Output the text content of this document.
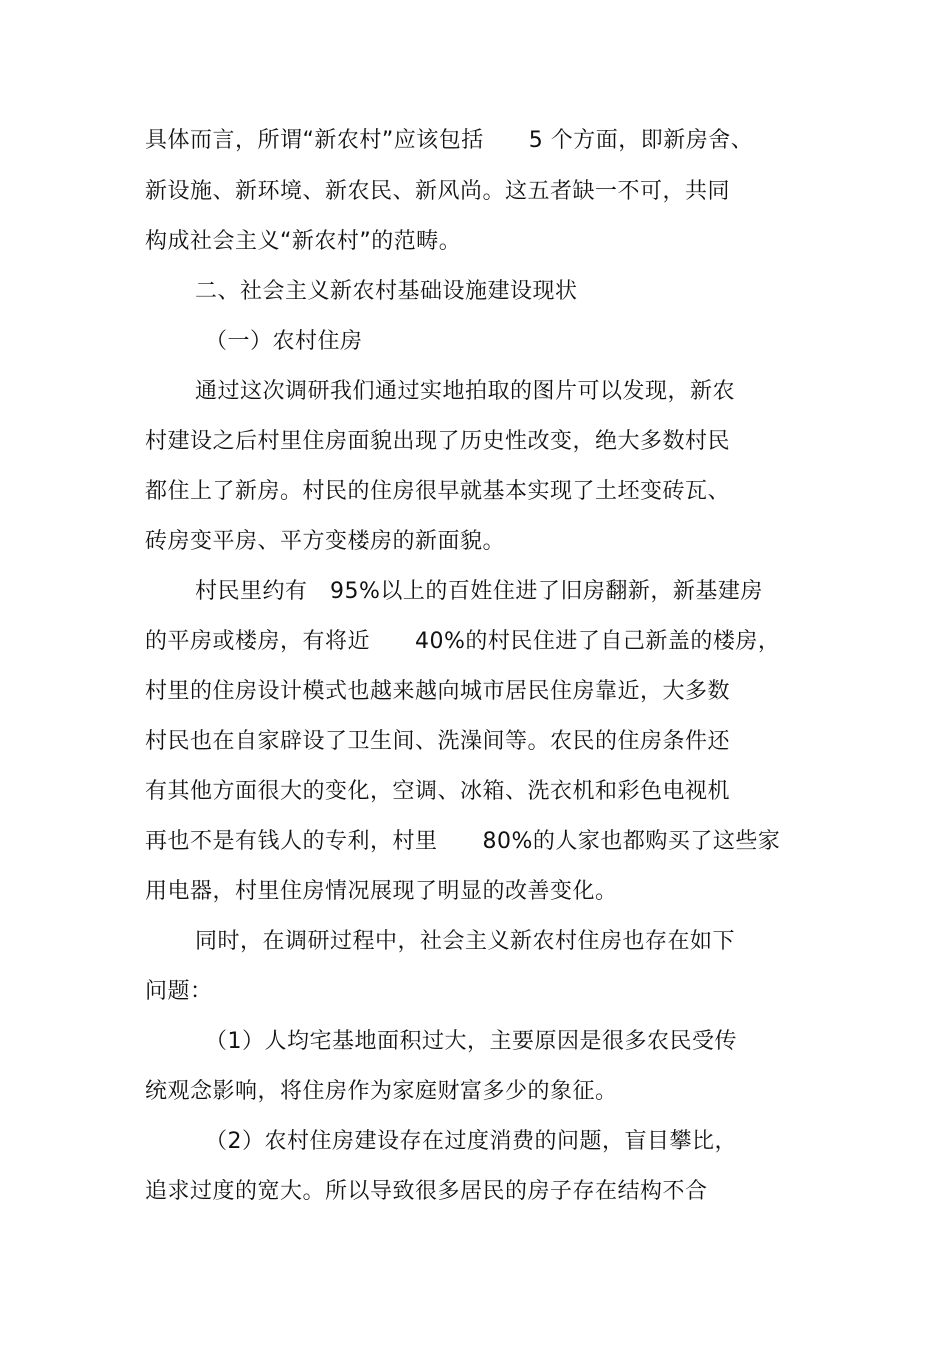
具体而言，所谓“新农村”应该包括　　5 个方面，即新房舍、
新设施、新环境、新农民、新风尚。这五者缺一不可，共同
构成社会主义“新农村”的范畴。
二、社会主义新农村基础设施建设现状
（一）农村住房
通过这次调研我们通过实地拍取的图片可以发现，新农
村建设之后村里住房面貌出现了历史性改变，绝大多数村民
都住上了新房。村民的住房很早就基本实现了土坯变砖瓦、
砖房变平房、平方变楼房的新面貌。
村民里约有　95%以上的百姓住进了旧房翻新，新基建房
的平房或楼房，有将近　　40%的村民住进了自己新盖的楼房，
村里的住房设计模式也越来越向城市居民住房靠近，大多数
村民也在自家辟设了卫生间、洗澡间等。农民的住房条件还
有其他方面很大的变化，空调、冰箱、洗衣机和彩色电视机
再也不是有钱人的专利，村里　　80%的人家也都购买了这些家
用电器，村里住房情况展现了明显的改善变化。
同时，在调研过程中，社会主义新农村住房也存在如下
问题：
（1）人均宅基地面积过大，主要原因是很多农民受传
统观念影响，将住房作为家庭财富多少的象征。
（2）农村住房建设存在过度消费的问题，盲目攀比，
追求过度的宽大。所以导致很多居民的房子存在结构不合
